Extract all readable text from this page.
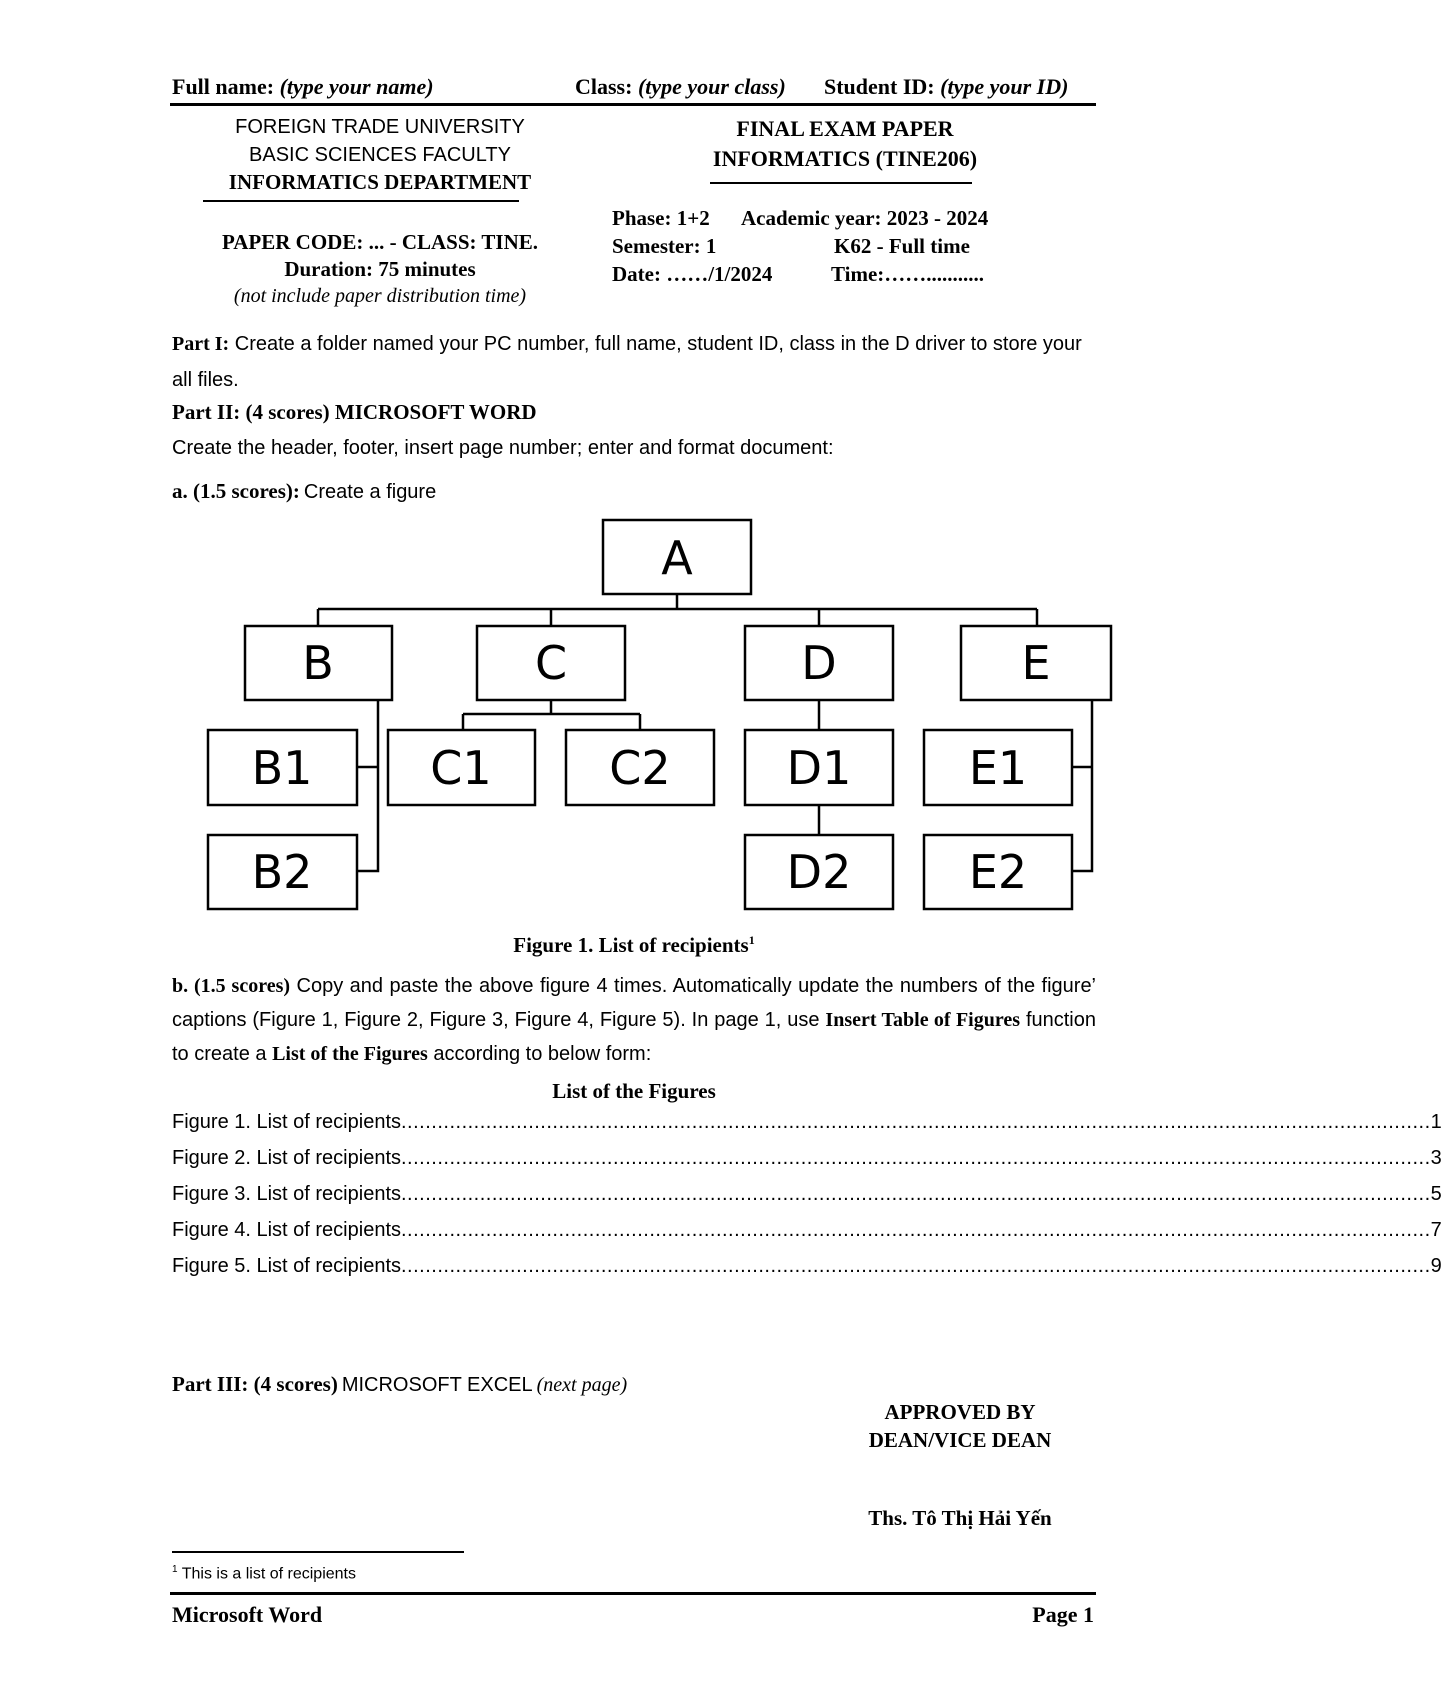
Full name: (type your name)	Class: (type your class) Student ID: (type your ID)
FOREIGN TRADE UNIVERSITY
BASIC SCIENCES FACULTY
INFORMATICS DEPARTMENT
PAPER CODE: ... - CLASS: TINE.
Duration: 75 minutes
(not include paper distribution time)
FINAL EXAM PAPER
INFORMATICS (TINE206)
Phase: 1+2 Academic year: 2023 - 2024
Semester: 1	K62 - Full time
Date: ……/1/2024	Time:……...........

Part I: Create a folder named your PC number, full name, student ID, class in the D driver to store your all files.

Part II: (4 scores) MICROSOFT WORD
Create the header, footer, insert page number; enter and format document:
a. (1.5 scores): Create a figure
A
B	C	D	E
B1	C1	C2	D1	E1
B2	D2	E2
Figure 1. List of recipients$^1$

b. (1.5 scores) Copy and paste the above figure 4 times. Automatically update the numbers of the figure’ captions (Figure 1, Figure 2, Figure 3, Figure 4, Figure 5). In page 1, use Insert Table of Figures function to create a List of the Figures according to below form:

List of the Figures
Figure 1. List of recipients .......................................................................................................................................................................... 1
Figure 2. List of recipients .......................................................................................................................................................................... 3
Figure 3. List of recipients .......................................................................................................................................................................... 5
Figure 4. List of recipients .......................................................................................................................................................................... 7
Figure 5. List of recipients .......................................................................................................................................................................... 9
Part III: (4 scores) MICROSOFT EXCEL (next page)
APPROVED BY
DEAN/VICE DEAN
Ths. Tô Thị Hải Yến
$^1$ This is a list of recipients
Microsoft Word	Page 1
